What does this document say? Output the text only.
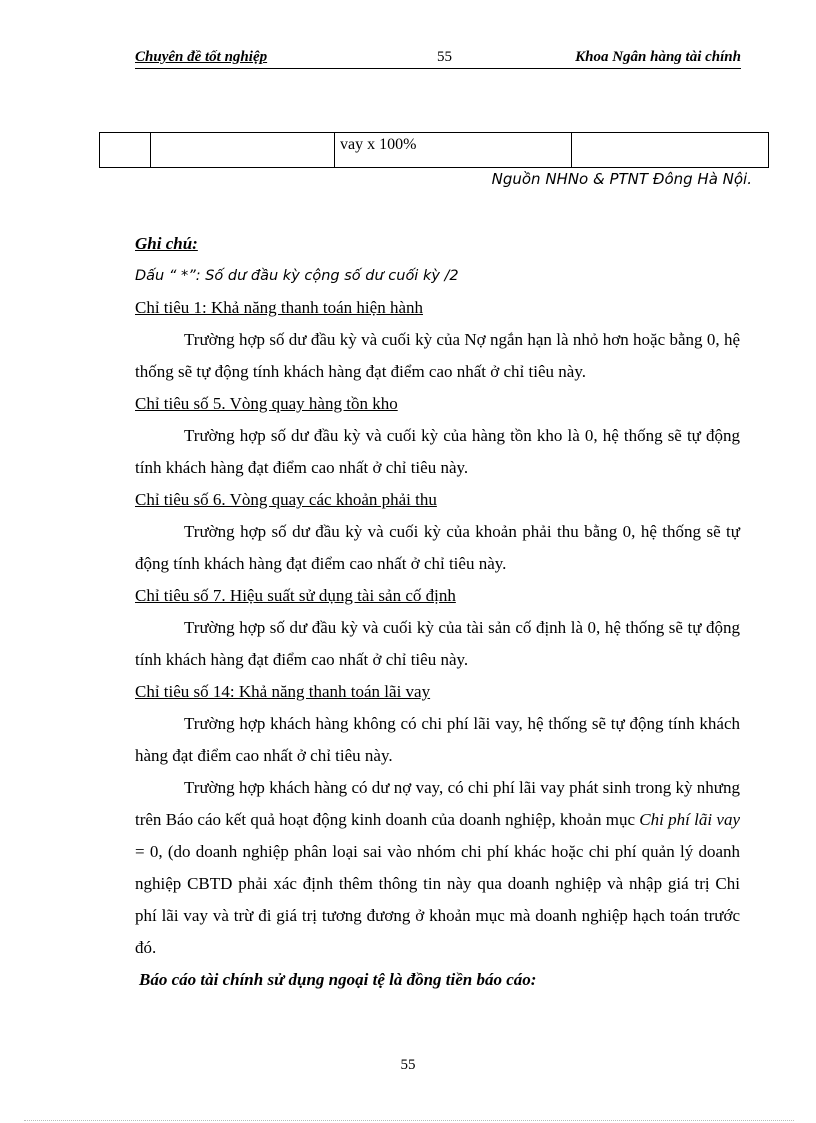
Chuyên đề tốt nghiệp	55	Khoa Ngân hàng tài chính
		vay x 100%	
Nguồn NHNo & PTNT Đông Hà Nội.

Ghi chú:

Dấu “ *”: Số dư đầu kỳ cộng số dư cuối kỳ /2

Chỉ tiêu 1: Khả năng thanh toán hiện hành

Trường hợp số dư đầu kỳ và cuối kỳ của Nợ ngắn hạn là nhỏ hơn hoặc bằng 0, hệ thống sẽ tự động tính khách hàng đạt điểm cao nhất ở chỉ tiêu này.

Chỉ tiêu số 5. Vòng quay hàng tồn kho

Trường hợp số dư đầu kỳ và cuối kỳ của hàng tồn kho là 0, hệ thống sẽ tự động tính khách hàng đạt điểm cao nhất ở chỉ tiêu này.

Chỉ tiêu số 6. Vòng quay các khoản phải thu

Trường hợp số dư đầu kỳ và cuối kỳ của khoản phải thu bằng 0, hệ thống sẽ tự động tính khách hàng đạt điểm cao nhất ở chỉ tiêu này.

Chỉ tiêu số 7. Hiệu suất sử dụng tài sản cố định

Trường hợp số dư đầu kỳ và cuối kỳ của tài sản cố định là 0, hệ thống sẽ tự động tính khách hàng đạt điểm cao nhất ở chỉ tiêu này.

Chỉ tiêu số 14: Khả năng thanh toán lãi vay

Trường hợp khách hàng không có chi phí lãi vay, hệ thống sẽ tự động tính khách hàng đạt điểm cao nhất ở chỉ tiêu này.

Trường hợp khách hàng có dư nợ vay, có chi phí lãi vay phát sinh trong kỳ nhưng trên Báo cáo kết quả hoạt động kinh doanh của doanh nghiệp, khoản mục Chi phí lãi vay = 0, (do doanh nghiệp phân loại sai vào nhóm chi phí khác hoặc chi phí quản lý doanh nghiệp CBTD phải xác định thêm thông tin này qua doanh nghiệp và nhập giá trị Chi phí lãi vay và trừ đi giá trị tương đương ở khoản mục mà doanh nghiệp hạch toán trước đó.

Báo cáo tài chính sử dụng ngoại tệ là đồng tiền báo cáo:

55
